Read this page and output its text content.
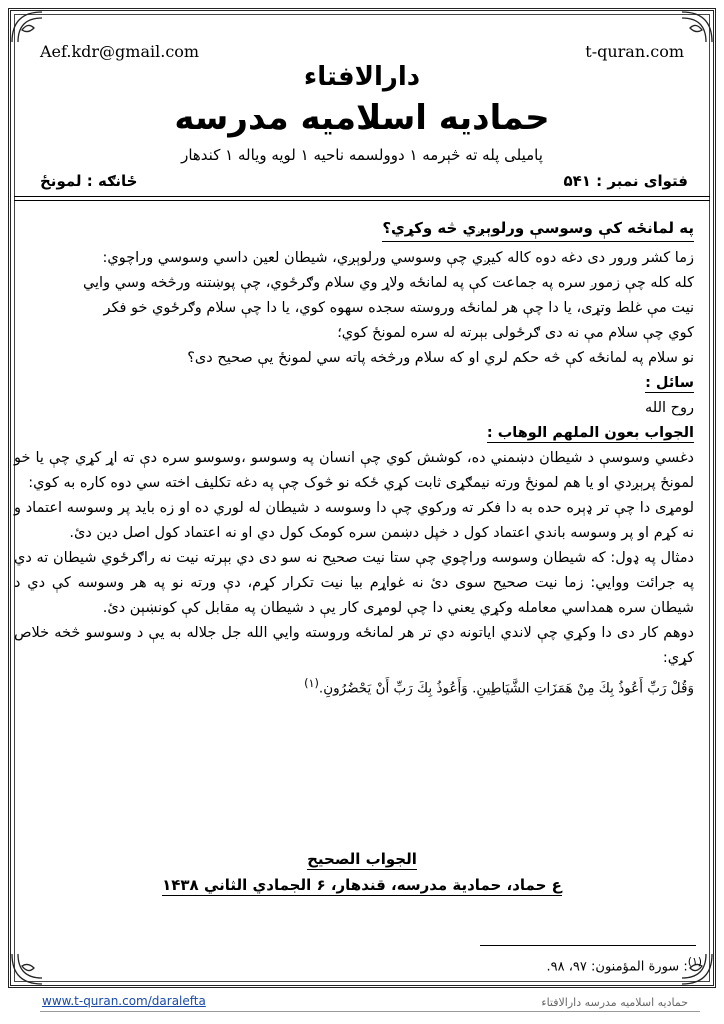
Aef.kdr@gmail.com	t-quran.com
دارالافتاء
حمادیه اسلامیه مدرسه
پامیلی پله ته څېرمه ۱ دوولسمه ناحیه ۱ لویه ویاله ۱ کندهار
فتوای نمبر : ۵۴۱
ځانګه : لمونځ
په لمانځه کې وسوسې ورلوېږي څه وکړي؟

زما کشر ورور دی دغه دوه کاله کیږي چې وسوسي ورلوېږي، شیطان لعین داسي وسوسي وراچوي:

کله کله چې زموږ سره په جماعت کې په لمانځه ولاړ وي سلام وګرځوي، چې پوښتنه ورڅخه وسي وایي

نیت مې غلط وتړی، یا دا چې هر لمانځه وروسته سجده سهوه کوي، یا دا چې سلام وګرځوي خو فکر

کوي چې سلام مې نه دی ګرځولی بېرته له سره لمونځ کوي؛

نو سلام په لمانځه کې څه حکم لري او که سلام ورڅخه پاته سي لمونځ یې صحیح دی؟

سائل :

روح الله

الجواب بعون الملهم الوهاب :

دغسي وسوسې د شیطان دښمني ده، کوشش کوي چې انسان په وسوسو ،وسوسو سره دې ته اړ کړي چې یا خو لمونځ پرېږدي او یا هم لمونځ ورته نیمګړی ثابت کړي ځکه نو څوک چې په دغه تکلیف اخته سي دوه کاره به کوي:

لومړی دا چې تر ډېره حده به دا فکر ته ورکوي چې دا وسوسه د شیطان له لوري ده او زه باید پر وسوسه اعتماد و نه کړم او پر وسوسه باندي اعتماد کول د خپل دښمن سره کومک کول دي او نه اعتماد کول اصل دین دئ.

دمثال په ډول: که شیطان وسوسه وراچوي چې ستا نیت صحیح نه سو دی دي بېرته نیت نه راګرځوي شیطان ته دي په جرائت ووایي: زما نیت صحیح سوی دئ نه غواړم بیا نیت تکرار کړم، دې ورته نو په هر وسوسه کې دي د شیطان سره همداسي معامله وکړي یعني دا چې لومړی کار یې د شیطان په مقابل کې کونښېن دئ.

دوهم کار دی دا وکړي چې لاندي ایاتونه دي تر هر لمانځه وروسته وایي الله جل جلاله به یې د وسوسو څخه خلاص کړي:

وَقُلْ رَبِّ أَعُوذُ بِكَ مِنْ هَمَزَاتِ الشَّيَاطِينِ. وَأَعُوذُ بِكَ رَبِّ أَنْ يَحْضُرُونِ.$^{(۱)}$

الجواب الصحیح
ع حماد، حمادیة مدرسه، قندهار، ۶ الجمادي الثاني ۱۴۳۸
$^{(۱)}$: سورة المؤمنون: ۹۷، ۹۸.
www.t-quran.com/daralefta	حمادیه اسلامیه مدرسه دارالافتاء
